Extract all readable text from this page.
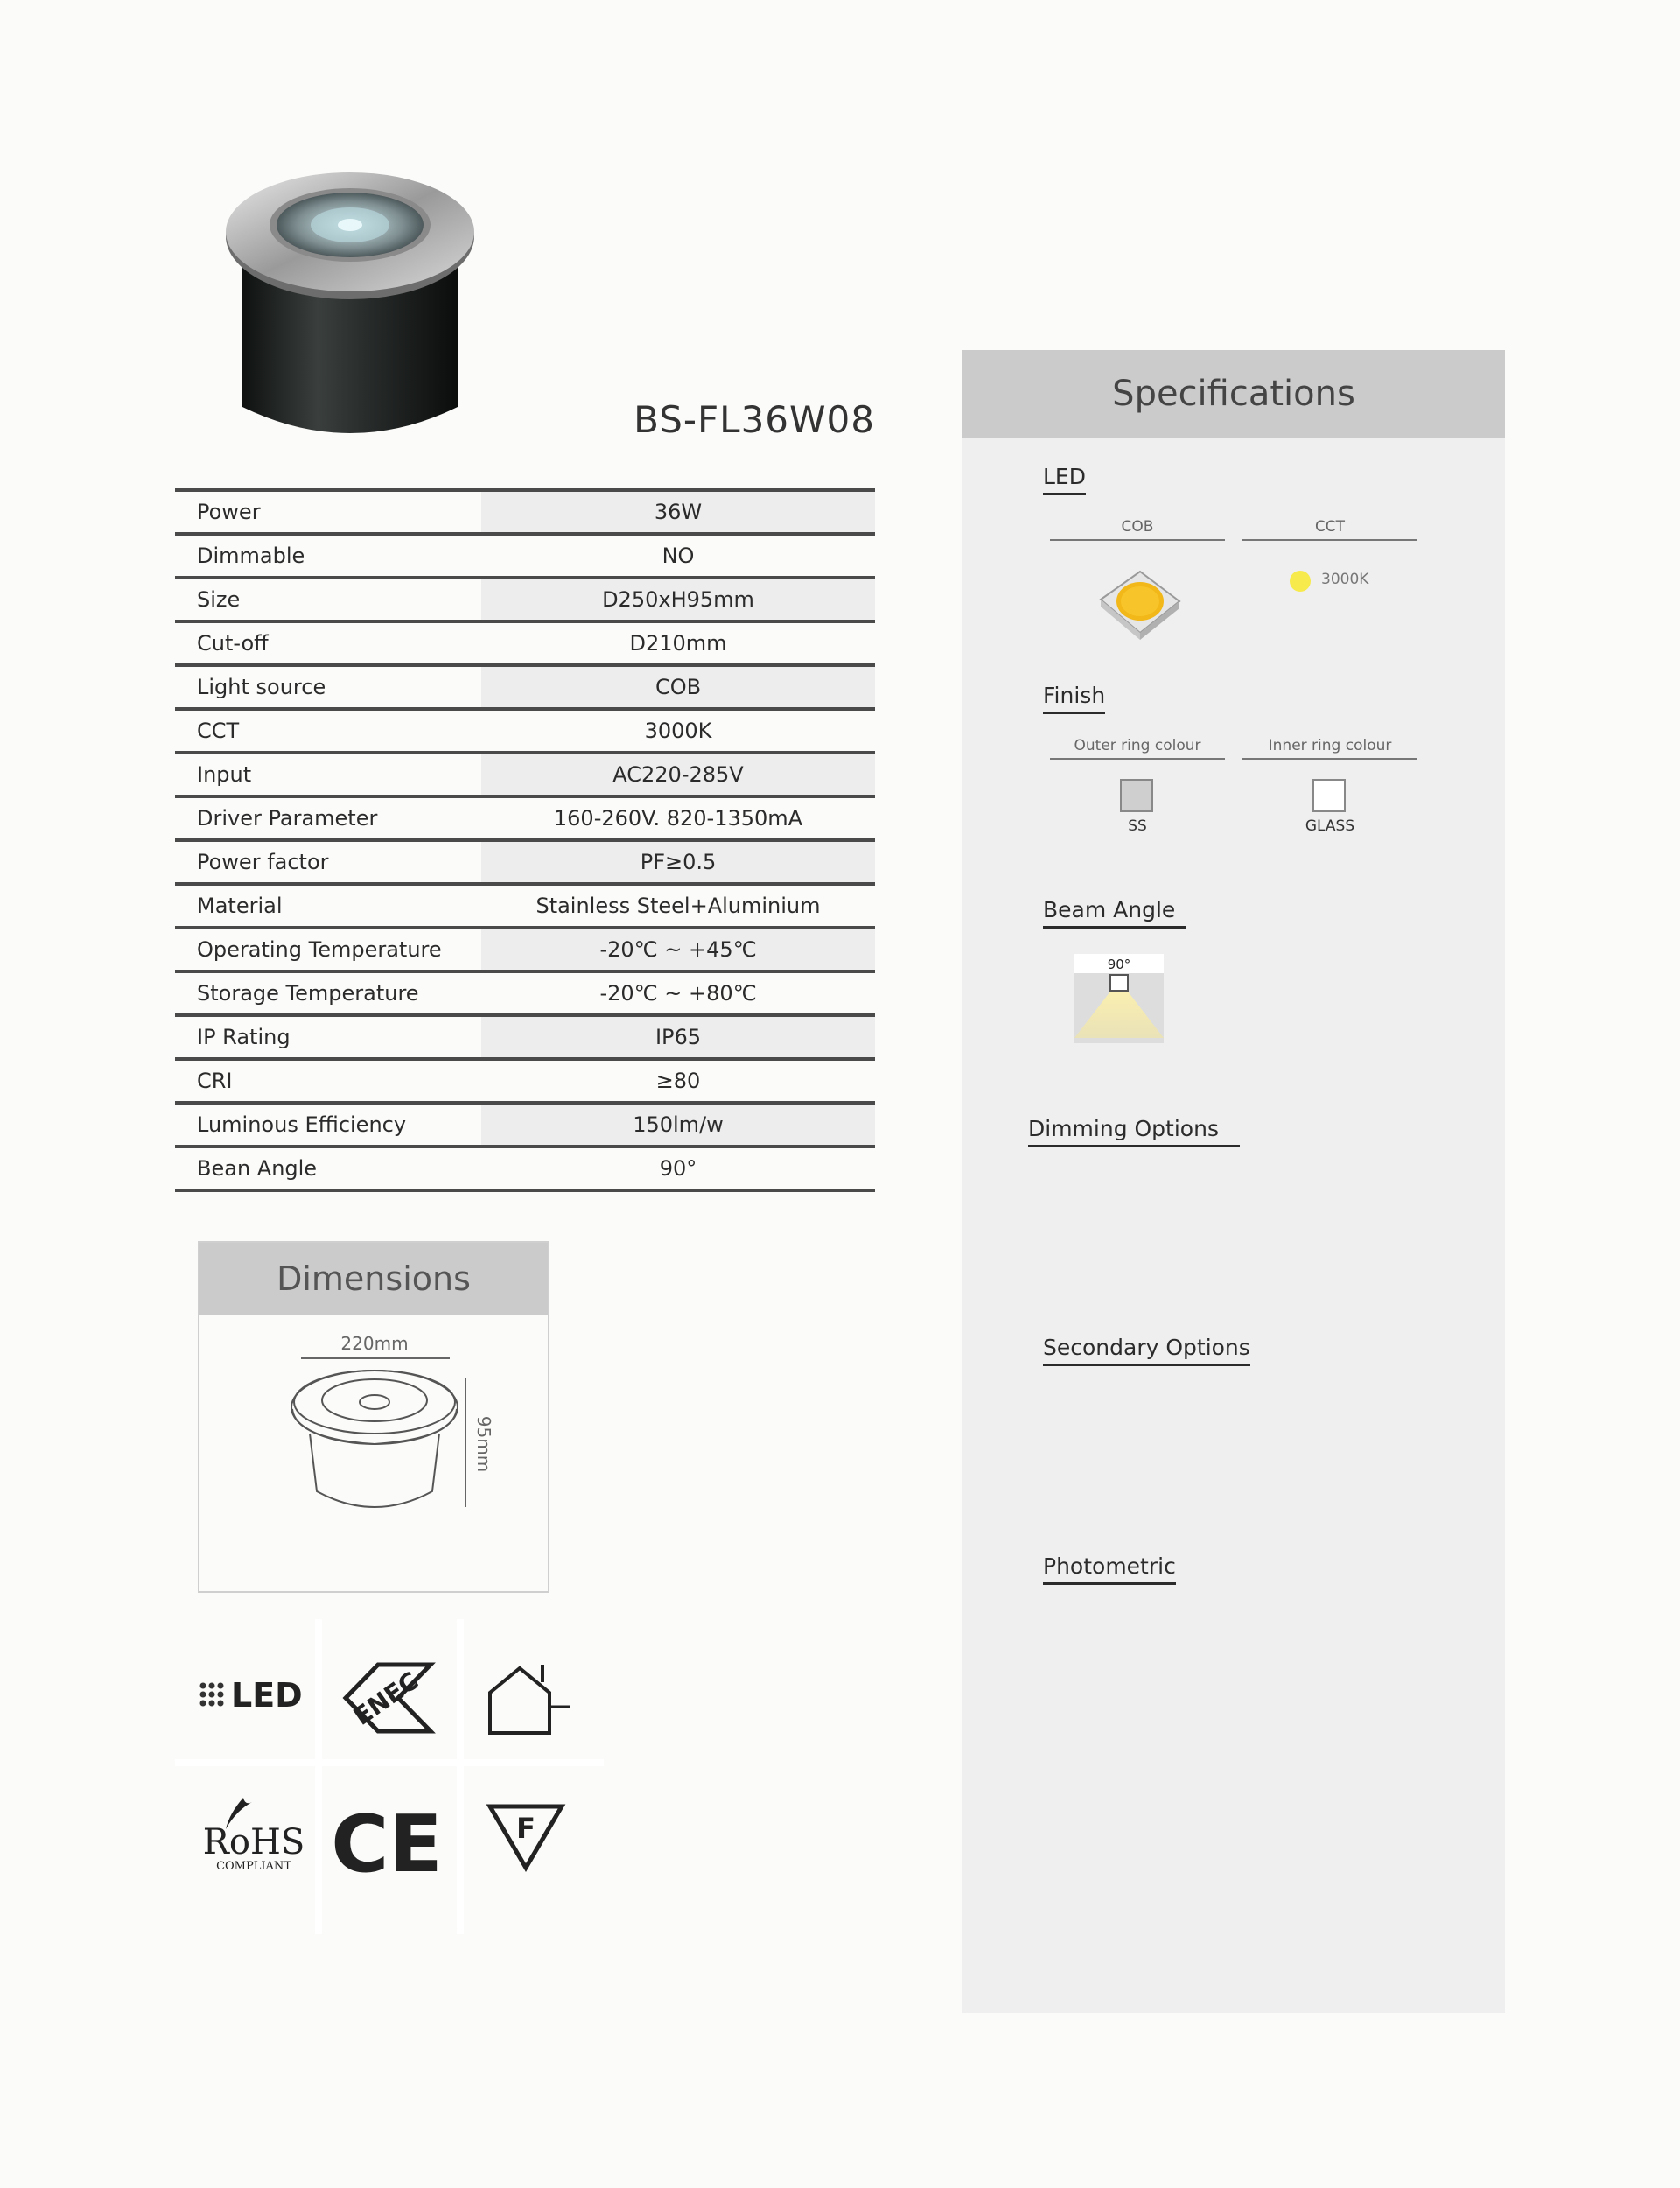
BS-FL36W08
Power	36W
Dimmable	NO
Size	D250xH95mm
Cut-off	D210mm
Light source	COB
CCT	3000K
Input	AC220-285V
Driver Parameter	160-260V. 820-1350mA
Power factor	PF≥0.5
Material	Stainless Steel+Aluminium
Operating Temperature	-20℃ ~ +45℃
Storage Temperature	-20℃ ~ +80℃
IP Rating	IP65
CRI	≥80
Luminous Efficiency	150lm/w
Bean Angle	90°
Dimensions
220mm
95mm
LED ENEC
RoHS
COMPLIANT CE	F
Specifications
LED
COB	CCT
3000K
Finish
Outer ring colour	Inner ring colour
SS	GLASS
Beam Angle
90°
Dimming Options
Secondary Options
Photometric
